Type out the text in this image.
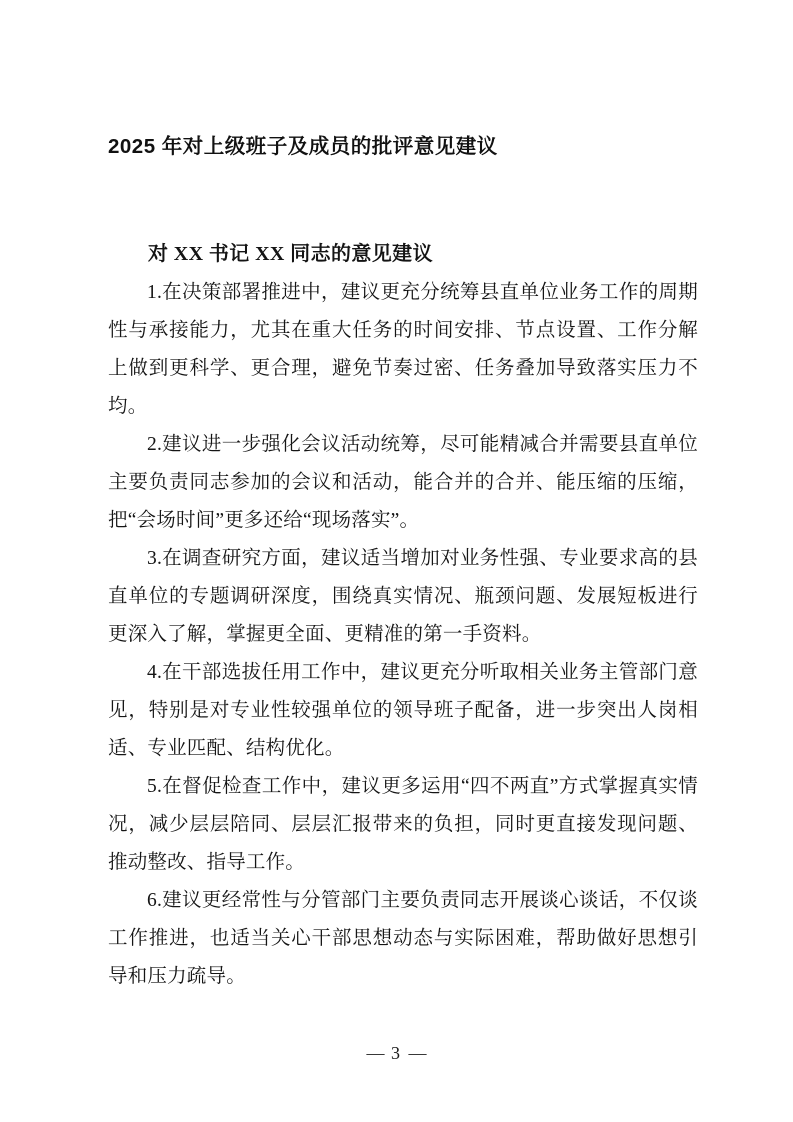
2025 年对上级班子及成员的批评意见建议

对 XX 书记 XX 同志的意见建议

1.在决策部署推进中，建议更充分统筹县直单位业务工作的周期性与承接能力，尤其在重大任务的时间安排、节点设置、工作分解上做到更科学、更合理，避免节奏过密、任务叠加导致落实压力不均。

2.建议进一步强化会议活动统筹，尽可能精减合并需要县直单位主要负责同志参加的会议和活动，能合并的合并、能压缩的压缩，把“会场时间”更多还给“现场落实”。

3.在调查研究方面，建议适当增加对业务性强、专业要求高的县直单位的专题调研深度，围绕真实情况、瓶颈问题、发展短板进行更深入了解，掌握更全面、更精准的第一手资料。

4.在干部选拔任用工作中，建议更充分听取相关业务主管部门意见，特别是对专业性较强单位的领导班子配备，进一步突出人岗相适、专业匹配、结构优化。

5.在督促检查工作中，建议更多运用“四不两直”方式掌握真实情况，减少层层陪同、层层汇报带来的负担，同时更直接发现问题、推动整改、指导工作。

6.建议更经常性与分管部门主要负责同志开展谈心谈话，不仅谈工作推进，也适当关心干部思想动态与实际困难，帮助做好思想引导和压力疏导。

— 3 —
